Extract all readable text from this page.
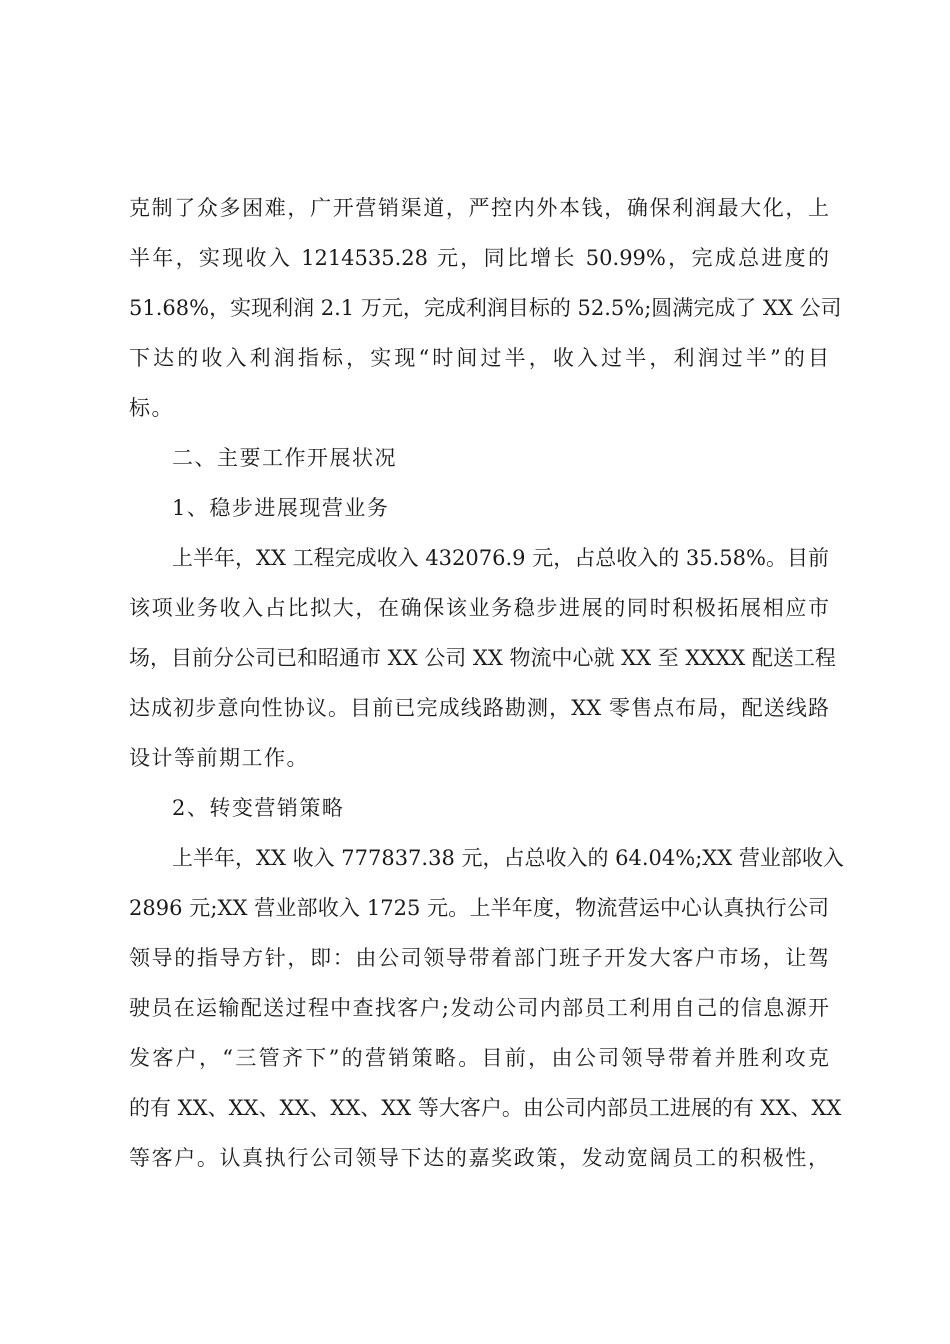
克制了众多困难，广开营销渠道，严控内外本钱，确保利润最大化，上
半年，实现收入 1214535.28 元，同比增长 50.99%，完成总进度的
51.68%，实现利润 2.1 万元，完成利润目标的 52.5%;圆满完成了 XX 公司
下达的收入利润指标，实现“时间过半，收入过半，利润过半”的目
标。
二、主要工作开展状况
1、稳步进展现营业务
上半年，XX 工程完成收入 432076.9 元，占总收入的 35.58%。目前
该项业务收入占比拟大，在确保该业务稳步进展的同时积极拓展相应市
场，目前分公司已和昭通市 XX 公司 XX 物流中心就 XX 至 XXXX 配送工程
达成初步意向性协议。目前已完成线路勘测，XX 零售点布局，配送线路
设计等前期工作。
2、转变营销策略
上半年，XX 收入 777837.38 元，占总收入的 64.04%;XX 营业部收入
2896 元;XX 营业部收入 1725 元。上半年度，物流营运中心认真执行公司
领导的指导方针，即：由公司领导带着部门班子开发大客户市场，让驾
驶员在运输配送过程中查找客户;发动公司内部员工利用自己的信息源开
发客户，“三管齐下”的营销策略。目前，由公司领导带着并胜利攻克
的有 XX、XX、XX、XX、XX 等大客户。由公司内部员工进展的有 XX、XX
等客户。认真执行公司领导下达的嘉奖政策，发动宽阔员工的积极性，
